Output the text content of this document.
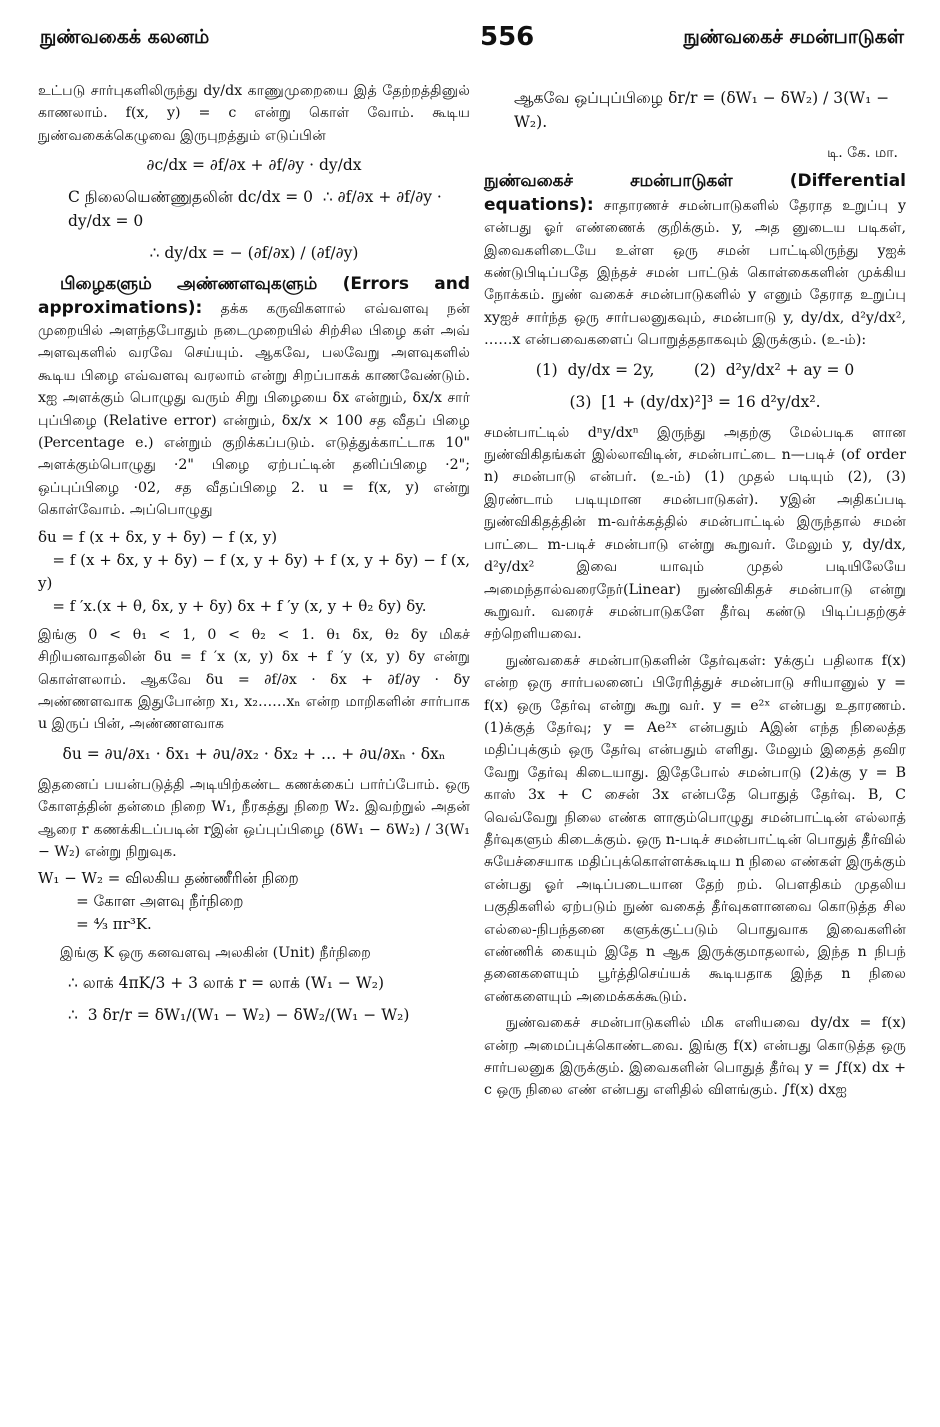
நுண்வகைக் கலனம்	556	நுண்வகைச் சமன்பாடுகள்

உட்படு சார்புகளிலிருந்து dy/dx காணுமுறையை இத் தேற்றத்தினுல் காணலாம். f(x, y) = c என்று கொள் வோம். கூடிய நுண்வகைக்கெழுவை இருபுறத்தும் எடுப்பின்

∂c/dx = ∂f/∂x + ∂f/∂y · dy/dx
C நிலையெண்ணுதலின் dc/dx = 0  ∴ ∂f/∂x + ∂f/∂y · dy/dx = 0
∴ dy/dx = − (∂f/∂x) / (∂f/∂y)

பிழைகளும் அண்ணளவுகளும் (Errors and approximations): தக்க கருவிகளால் எவ்வளவு நன் முறையில் அளந்தபோதும் நடைமுறையில் சிற்சில பிழை கள் அவ் அளவுகளில் வரவே செய்யும். ஆகவே, பலவேறு அளவுகளில் கூடிய பிழை எவ்வளவு வரலாம் என்று சிறப்பாகக் காணவேண்டும். xஐ அளக்கும் பொழுது வரும் சிறு பிழையை δx என்றும், δx/x சார் புப்பிழை (Relative error) என்றும், δx/x × 100 சத வீதப் பிழை (Percentage e.) என்றும் குறிக்கப்படும். எடுத்துக்காட்டாக 10" அளக்கும்பொழுது ·2" பிழை ஏற்பட்டின் தனிப்பிழை ·2"; ஒப்புப்பிழை ·02, சத வீதப்பிழை 2. u = f(x, y) என்று கொள்வோம். அப்பொழுது

δu = f (x + δx, y + δy) − f (x, y)
= f (x + δx, y + δy) − f (x, y + δy) + f (x, y + δy) − f (x, y)
= f ′x.(x + θ, δx, y + δy) δx + f ′y (x, y + θ₂ δy) δy.

இங்கு 0 < θ₁ < 1, 0 < θ₂ < 1. θ₁ δx, θ₂ δy மிகச் சிறியனவாதலின் δu = f ′x (x, y) δx + f ′y (x, y) δy என்று கொள்ளலாம். ஆகவே δu = ∂f/∂x · δx + ∂f/∂y · δy அண்ணளவாக இதுபோன்ற x₁, x₂……xₙ என்ற மாறிகளின் சார்பாக u இருப் பின், அண்ணளவாக

δu = ∂u/∂x₁ · δx₁ + ∂u/∂x₂ · δx₂ + … + ∂u/∂xₙ · δxₙ

இதனைப் பயன்படுத்தி அடியிற்கண்ட கணக்கைப் பார்ப்போம். ஒரு கோளத்தின் தன்மை நிறை W₁, நீரகத்து நிறை W₂. இவற்றுல் அதன் ஆரை r கணக்கிடப்படின் rஇன் ஒப்புப்பிழை (δW₁ − δW₂) / 3(W₁ − W₂) என்று நிறுவுக.

W₁ − W₂ = விலகிய தண்ணீரின் நிறை
= கோள அளவு நீர்நிறை
= ⁴⁄₃ πr³K.

இங்கு K ஒரு கனவளவு அலகின் (Unit) நீர்நிறை

∴ லாக் 4πK/3 + 3 லாக் r = லாக் (W₁ − W₂)
∴  3 δr/r = δW₁/(W₁ − W₂) − δW₂/(W₁ − W₂)
ஆகவே ஒப்புப்பிழை δr/r = (δW₁ − δW₂) / 3(W₁ − W₂).
டி. கே. மா.

நுண்வகைச் சமன்பாடுகள் (Differential equations): சாதாரணச் சமன்பாடுகளில் தேராத உறுப்பு y என்பது ஓர் எண்ணைக் குறிக்கும். y, அத னுடைய படிகள், இவைகளிடையே உள்ள ஒரு சமன் பாட்டிலிருந்து yஐக் கண்டுபிடிப்பதே இந்தச் சமன் பாட்டுக் கொள்கைகளின் முக்கிய நோக்கம். நுண் வகைச் சமன்பாடுகளில் y எனும் தேராத உறுப்பு xyஐச் சார்ந்த ஒரு சார்பலனுகவும், சமன்பாடு y, dy/dx, d²y/dx², ……x என்பவைகளைப் பொறுத்ததாகவும் இருக்கும். (உ-ம்):

(1)  dy/dx = 2y,        (2)  d²y/dx² + ay = 0
(3)  [1 + (dy/dx)²]³ = 16 d²y/dx².

சமன்பாட்டில் dⁿy/dxⁿ இருந்து அதற்கு மேல்படிக ளான நுண்விகிதங்கள் இல்லாவிடின், சமன்பாட்டை n—படிச் (of order n) சமன்பாடு என்பர். (உ-ம்) (1) முதல் படியும் (2), (3) இரண்டாம் படியுமான சமன்பாடுகள்). yஇன் அதிகப்படி நுண்விகிதத்தின் m-வர்க்கத்தில் சமன்பாட்டில் இருந்தால் சமன் பாட்டை m-படிச் சமன்பாடு என்று கூறுவர். மேலும் y, dy/dx, d²y/dx² இவை யாவும் முதல் படியிலேயே அமைந்தால்வரைநேர்(Linear) நுண்விகிதச் சமன்பாடு என்று கூறுவர். வரைச் சமன்பாடுகளே தீர்வு கண்டு பிடிப்பதற்குச் சற்றெளியவை.

நுண்வகைச் சமன்பாடுகளின் தேர்வுகள்: yக்குப் பதிலாக f(x) என்ற ஒரு சார்பலனைப் பிரேரித்துச் சமன்பாடு சரியானுல் y = f(x) ஒரு தேர்வு என்று கூறு வர். y = e²ˣ என்பது உதாரணம். (1)க்குத் தேர்வு; y = Ae²ˣ என்பதும் Aஇன் எந்த நிலைத்த மதிப்புக்கும் ஒரு தேர்வு என்பதும் எளிது. மேலும் இதைத் தவிர வேறு தேர்வு கிடையாது. இதேபோல் சமன்பாடு (2)க்கு y = B காஸ் 3x + C சைன் 3x என்பதே பொதுத் தேர்வு. B, C வெவ்வேறு நிலை எண்க ளாகும்பொழுது சமன்பாட்டின் எல்லாத் தீர்வுகளும் கிடைக்கும். ஒரு n-படிச் சமன்பாட்டின் பொதுத் தீர்வில் சுயேச்சையாக மதிப்புக்கொள்ளக்கூடிய n நிலை எண்கள் இருக்கும் என்பது ஓர் அடிப்படையான தேற் றம். பௌதிகம் முதலிய பகுதிகளில் ஏற்படும் நுண் வகைத் தீர்வுகளானவை கொடுத்த சில எல்லை-நிபந்தனை களுக்குட்படும் பொதுவாக இவைகளின் எண்ணிக் கையும் இதே n ஆக இருக்குமாதலால், இந்த n நிபந் தனைகளையும் பூர்த்திசெய்யக் கூடியதாக இந்த n நிலை எண்களையும் அமைக்கக்கூடும்.

நுண்வகைச் சமன்பாடுகளில் மிக எளியவை dy/dx = f(x) என்ற அமைப்புக்கொண்டவை. இங்கு f(x) என்பது கொடுத்த ஒரு சார்பலனுக இருக்கும். இவைகளின் பொதுத் தீர்வு y = ∫f(x) dx + c ஒரு நிலை எண் என்பது எளிதில் விளங்கும். ∫f(x) dxஐ
